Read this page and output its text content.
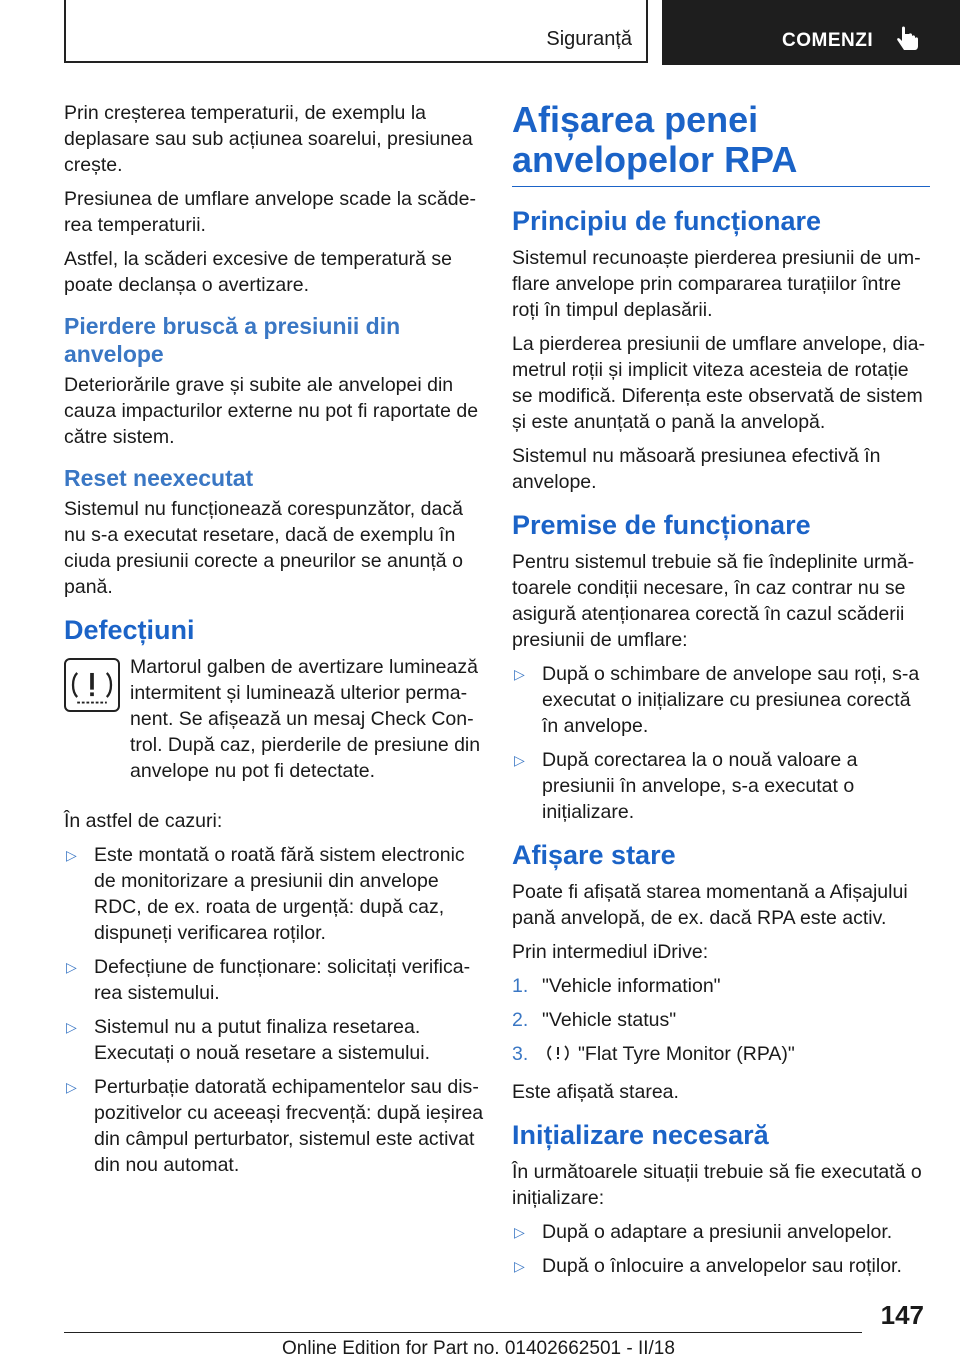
Siguranță	COMENZI

Prin creșterea temperaturii, de exemplu la deplasare sau sub acțiunea soarelui, presiunea crește.

Presiunea de umflare anvelope scade la scăderea temperaturii.

Astfel, la scăderi excesive de temperatură se poate declanșa o avertizare.

Pierdere bruscă a presiunii din anvelope

Deteriorările grave și subite ale anvelopei din cauza impacturilor externe nu pot fi raportate de către sistem.

Reset neexecutat

Sistemul nu funcționează corespunzător, dacă nu s-a executat resetare, dacă de exemplu în ciuda presiunii corecte a pneurilor se anunță o pană.

Defecțiuni

Martorul galben de avertizare luminează intermitent și luminează ulterior permanent. Se afișează un mesaj Check Control. După caz, pierderile de presiune din anvelope nu pot fi detectate.

În astfel de cazuri:

▷ Este montată o roată fără sistem electronic de monitorizare a presiunii din anvelope RDC, de ex. roata de urgență: după caz, dispuneți verificarea roților.
▷ Defecțiune de funcționare: solicitați verificarea sistemului.
▷ Sistemul nu a putut finaliza resetarea. Executați o nouă resetare a sistemului.
▷ Perturbație datorată echipamentelor sau dispozitivelor cu aceeași frecvență: după ieșirea din câmpul perturbator, sistemul este activat din nou automat.
Afișarea penei anvelopelor RPA
Principiu de funcționare

Sistemul recunoaște pierderea presiunii de umflare anvelope prin compararea turațiilor între roți în timpul deplasării.

La pierderea presiunii de umflare anvelope, diametrul roții și implicit viteza acesteia de rotație se modifică. Diferența este observată de sistem și este anunțată o pană la anvelopă.

Sistemul nu măsoară presiunea efectivă în anvelope.

Premise de funcționare

Pentru sistemul trebuie să fie îndeplinite următoarele condiții necesare, în caz contrar nu se asigură atenționarea corectă în cazul scăderii presiunii de umflare:

▷ După o schimbare de anvelope sau roți, s-a executat o inițializare cu presiunea corectă în anvelope.
▷ După corectarea la o nouă valoare a presiunii în anvelope, s-a executat o inițializare.
Afișare stare

Poate fi afișată starea momentană a Afișajului pană anvelopă, de ex. dacă RPA este activ.

Prin intermediul iDrive:

1. "Vehicle information"
2. "Vehicle status"
3.	"Flat Tyre Monitor (RPA)"

Este afișată starea.

Inițializare necesară

În următoarele situații trebuie să fie executată o inițializare:

▷ După o adaptare a presiunii anvelopelor.
▷ După o înlocuire a anvelopelor sau roților.
147
Online Edition for Part no. 01402662501 - II/18
